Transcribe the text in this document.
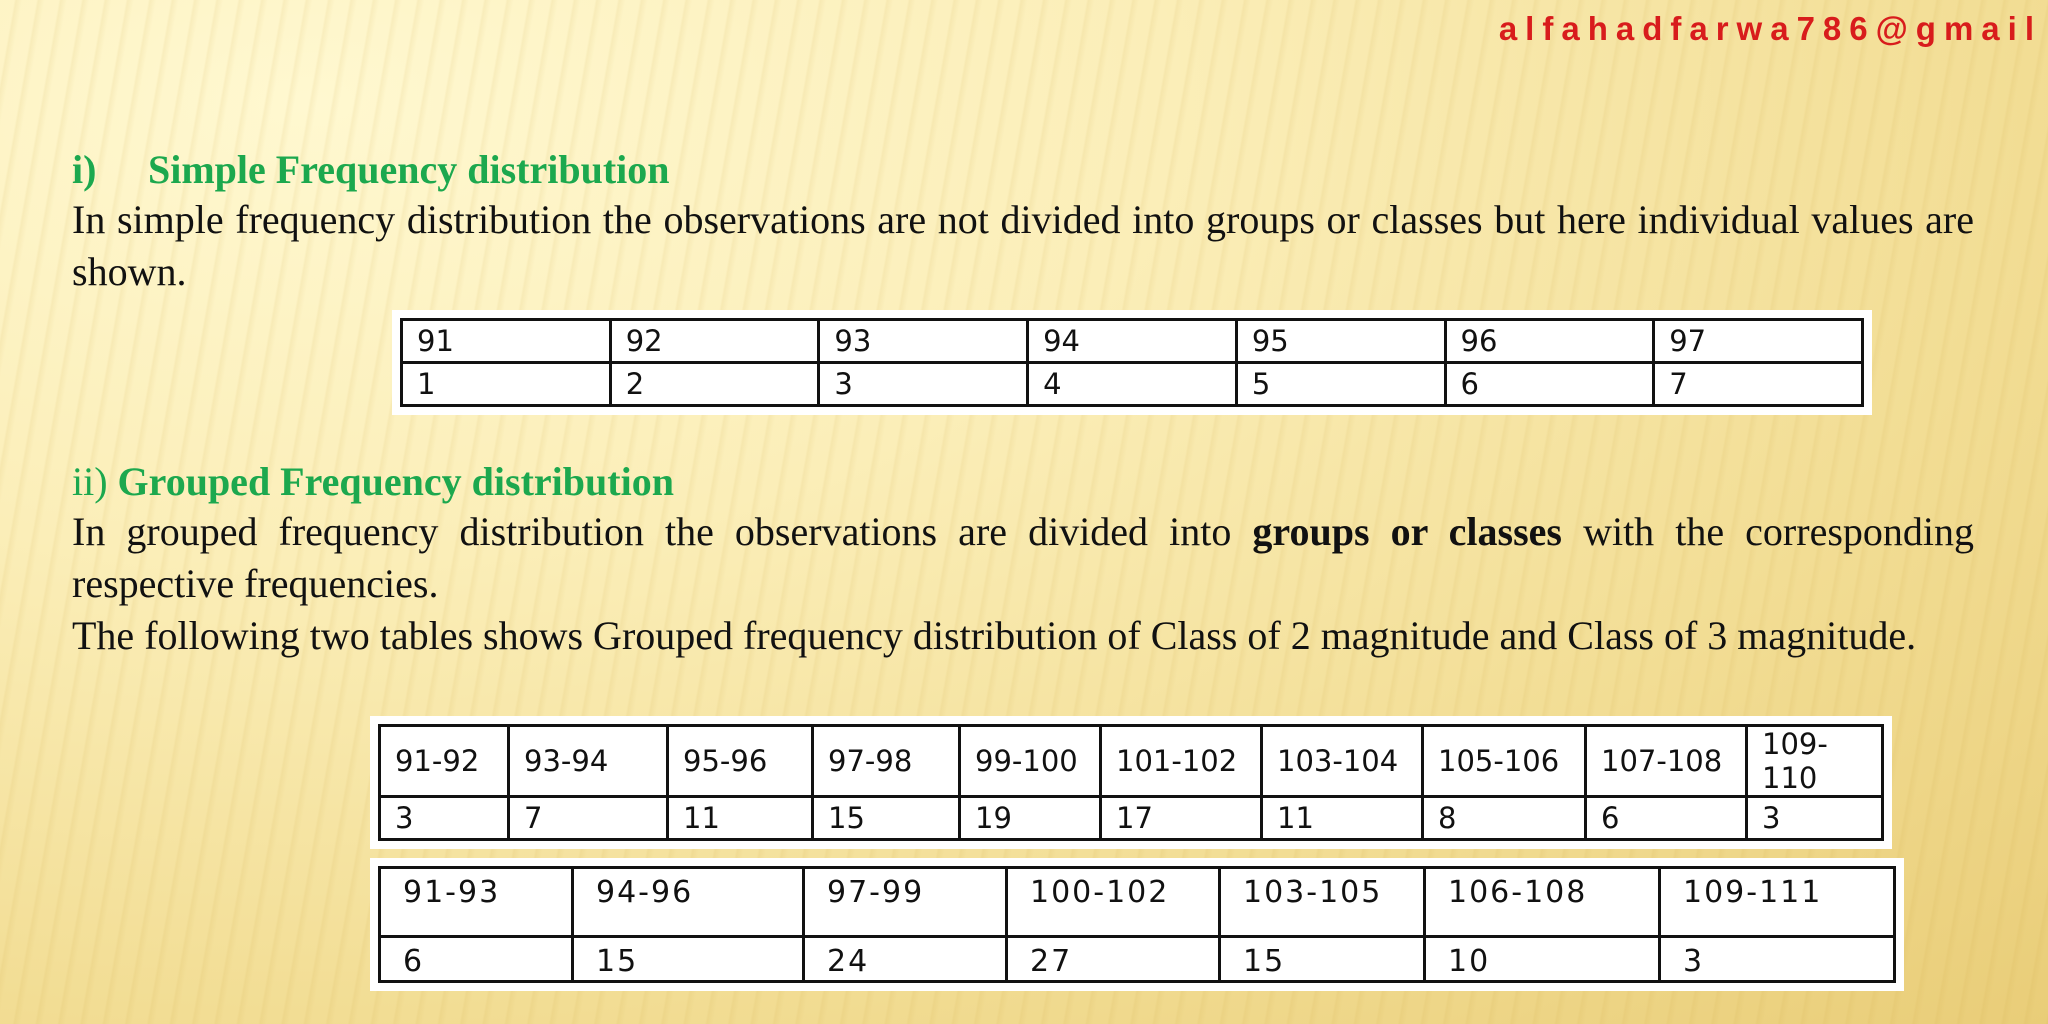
alfahadfarwa786@gmail
i) Simple Frequency distribution
In simple frequency distribution the observations are not divided into groups or classes but here individual values are shown.
91	92	93	94	95	96	97
1	2	3	4	5	6	7
ii) Grouped Frequency distribution
In grouped frequency distribution the observations are divided into groups or classes with the corresponding respective frequencies.
The following two tables shows Grouped frequency distribution of Class of 2 magnitude and Class of 3 magnitude.
91-92	93-94	95-96	97-98	99-100	101-102	103-104	105-106	107-108	109-110
3	7	11	15	19	17	11	8	6	3
91-93	94-96	97-99	100-102	103-105	106-108	109-111
6	15	24	27	15	10	3
